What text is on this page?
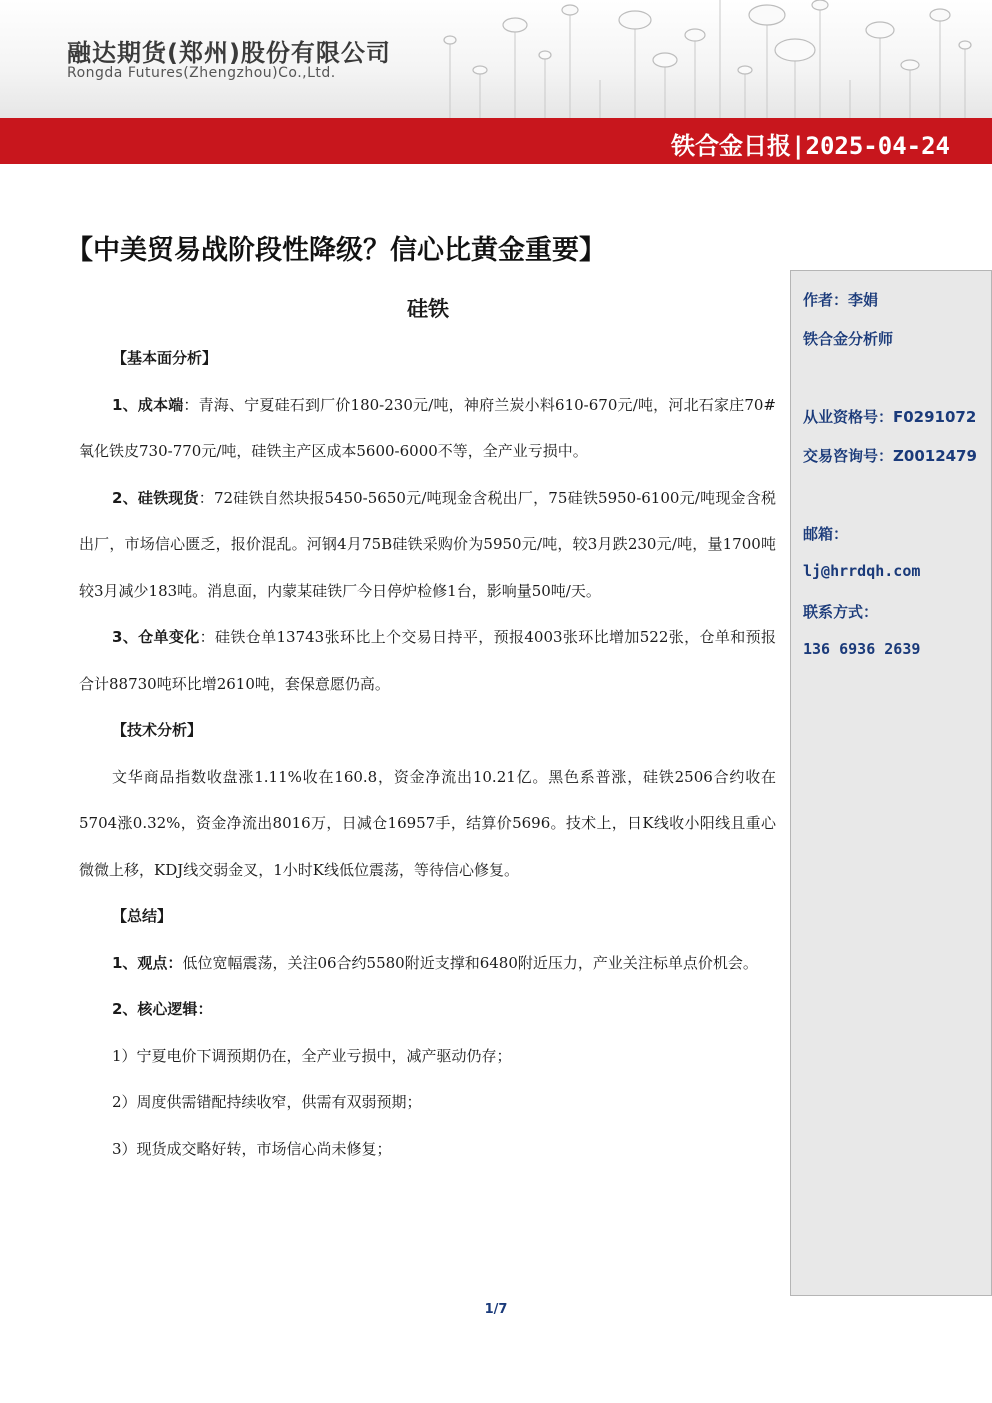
融达期货(郑州)股份有限公司
Rongda Futures(Zhengzhou)Co.,Ltd.
铁合金日报|2025-04-24
【中美贸易战阶段性降级？信心比黄金重要】
硅铁

【基本面分析】

1、成本端：青海、宁夏硅石到厂价180-230元/吨，神府兰炭小料610-670元/吨，河北石家庄70#氧化铁皮730-770元/吨，硅铁主产区成本5600-6000不等，全产业亏损中。

2、硅铁现货：72硅铁自然块报5450-5650元/吨现金含税出厂，75硅铁5950-6100元/吨现金含税出厂，市场信心匮乏，报价混乱。河钢4月75B硅铁采购价为5950元/吨，较3月跌230元/吨，量1700吨较3月减少183吨。消息面，内蒙某硅铁厂今日停炉检修1台，影响量50吨/天。

3、仓单变化：硅铁仓单13743张环比上个交易日持平，预报4003张环比增加522张，仓单和预报合计88730吨环比增2610吨，套保意愿仍高。

【技术分析】

文华商品指数收盘涨1.11%收在160.8，资金净流出10.21亿。黑色系普涨，硅铁2506合约收在5704涨0.32%，资金净流出8016万，日减仓16957手，结算价5696。技术上，日K线收小阳线且重心微微上移，KDJ线交弱金叉，1小时K线低位震荡，等待信心修复。

【总结】

1、观点：低位宽幅震荡，关注06合约5580附近支撑和6480附近压力，产业关注标单点价机会。

2、核心逻辑：

1）宁夏电价下调预期仍在，全产业亏损中，减产驱动仍存；

2）周度供需错配持续收窄，供需有双弱预期；

3）现货成交略好转，市场信心尚未修复；

作者：李娟
铁合金分析师
从业资格号：F0291072
交易咨询号：Z0012479
邮箱：
lj@hrrdqh.com
联系方式：
136 6936 2639
1/7
